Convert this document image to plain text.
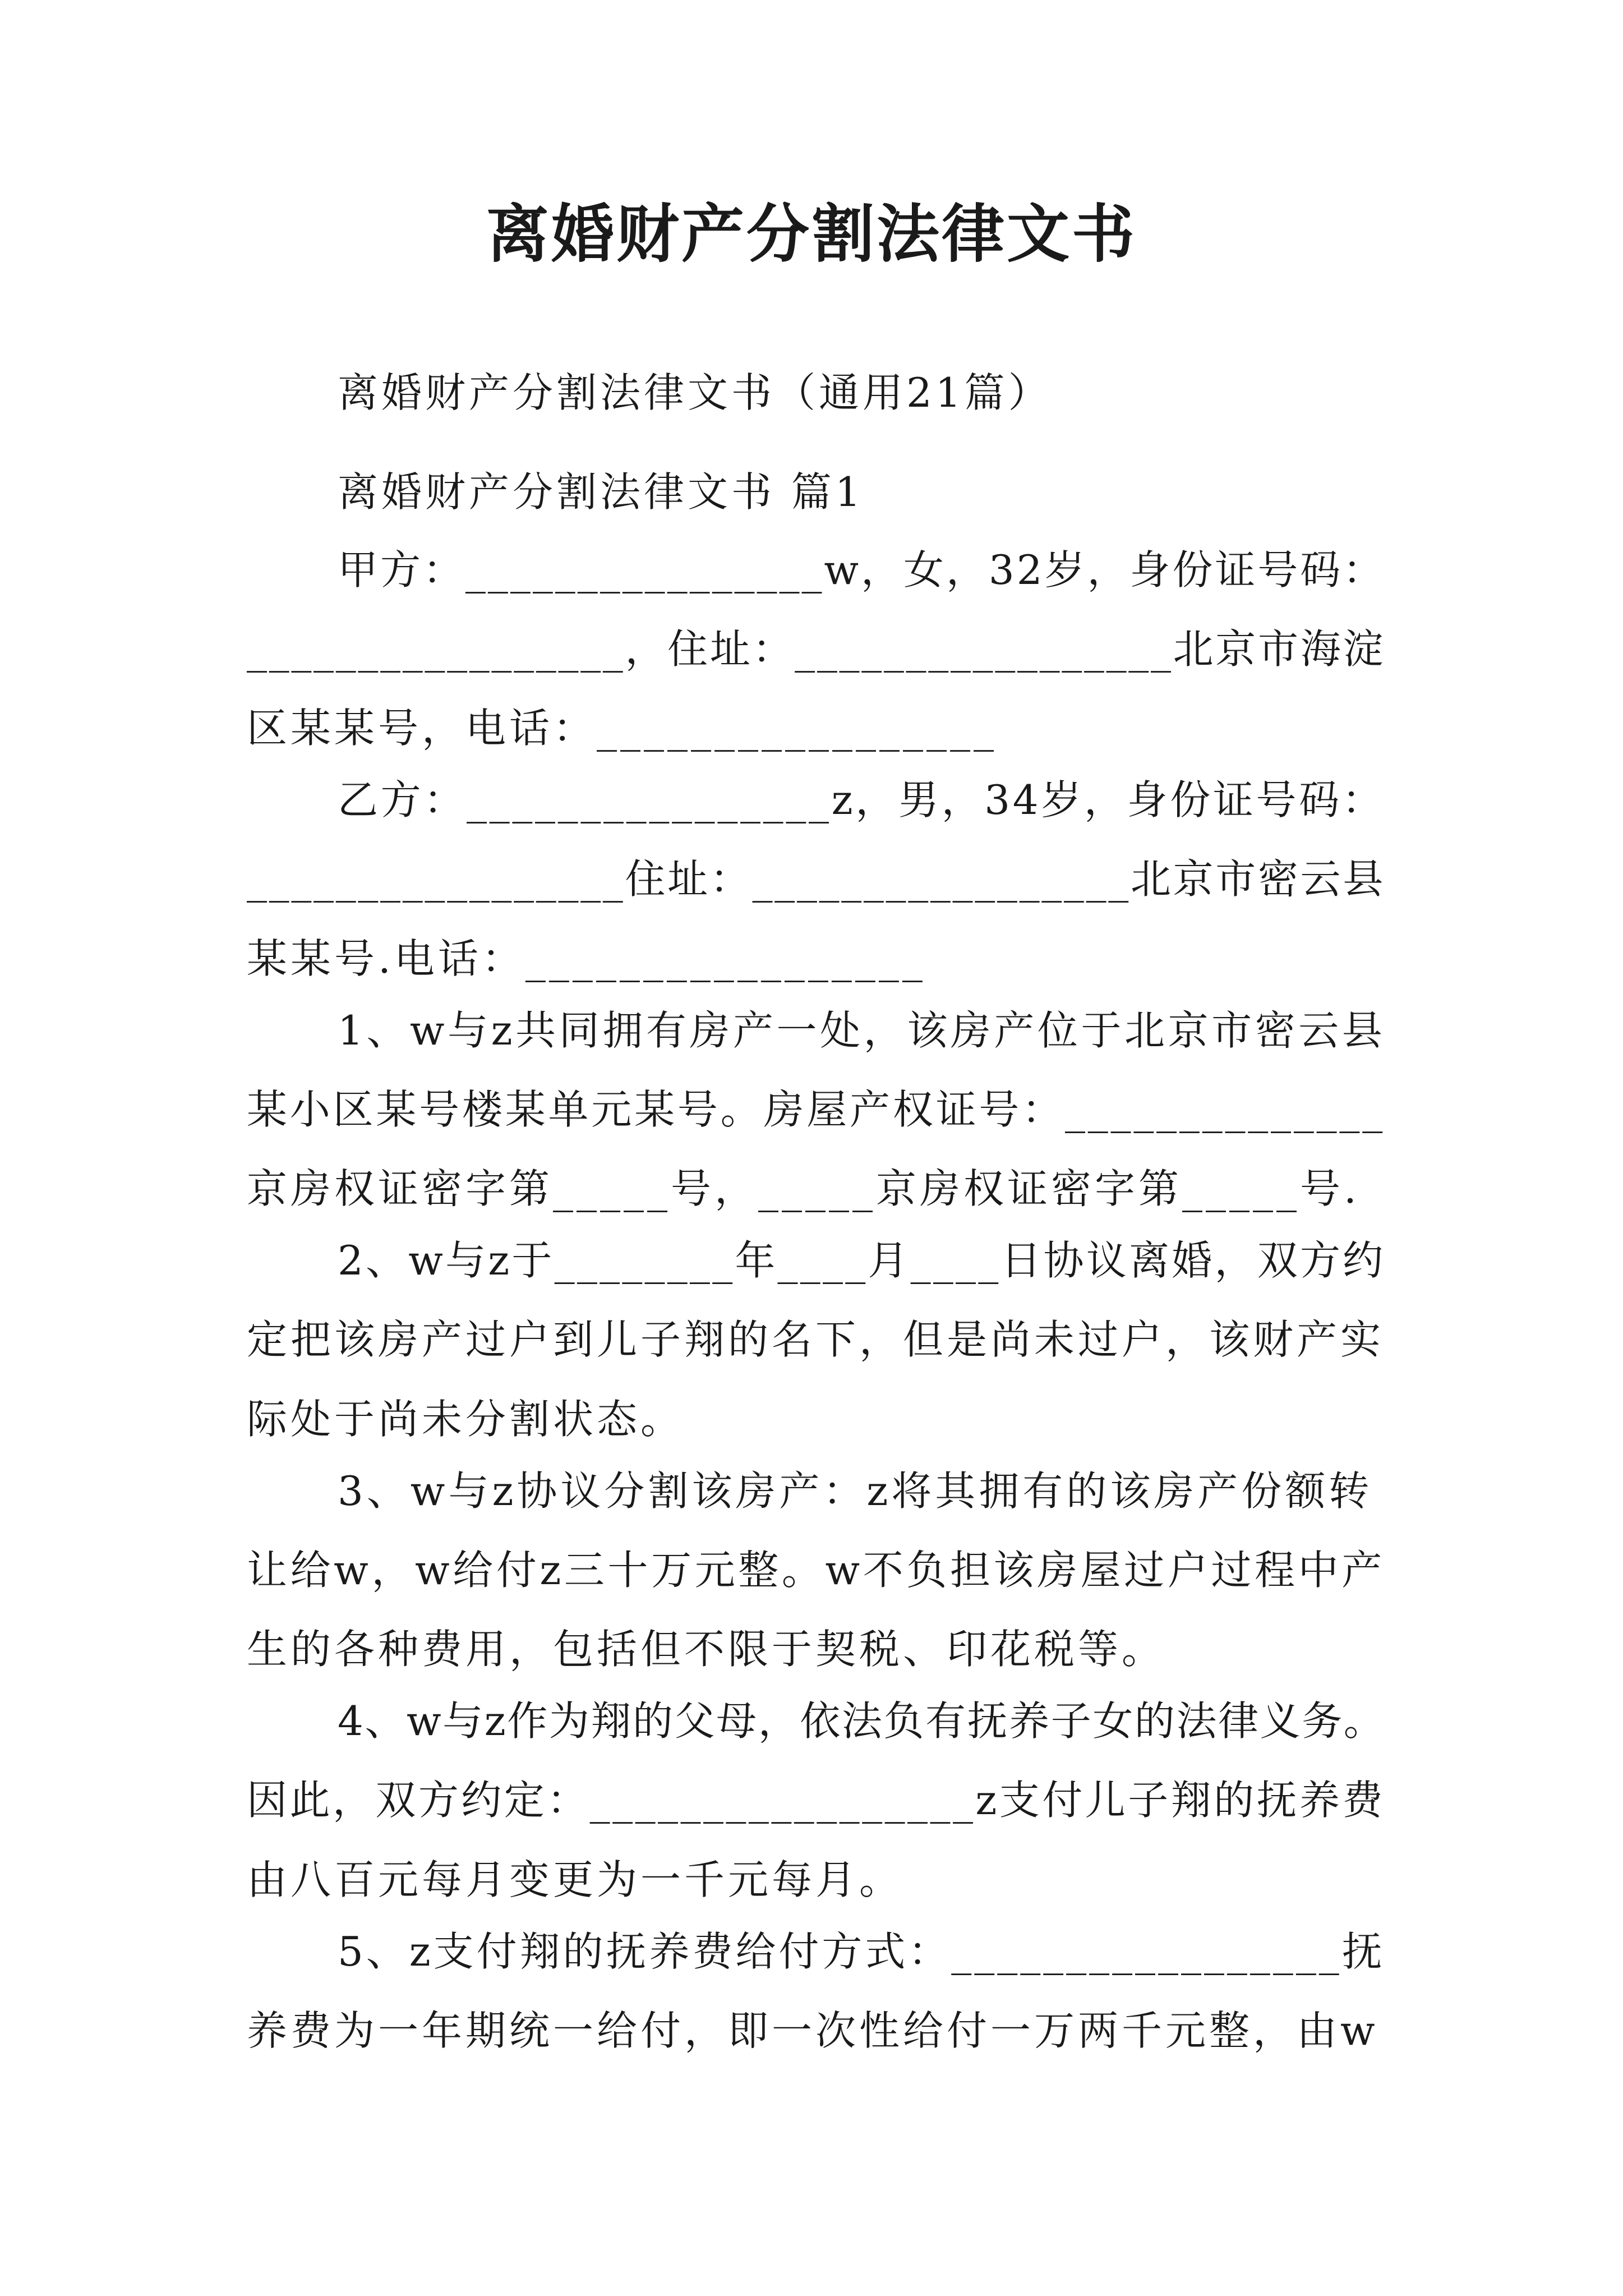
离婚财产分割法律文书
离婚财产分割法律文书（通用21篇）
离婚财产分割法律文书 篇1
甲方：________________w，女，32岁，身份证号码：
_________________，住址：_________________北京市海淀
区某某号，电话：_________________
乙方：________________z，男，34岁，身份证号码：
_________________住址：_________________北京市密云县
某某号.电话：_________________
1、w与z共同拥有房产一处，该房产位于北京市密云县
某小区某号楼某单元某号。房屋产权证号：______________
京房权证密字第_____号，_____京房权证密字第_____号.
2、w与z于________年____月____日协议离婚，双方约
定把该房产过户到儿子翔的名下，但是尚未过户，该财产实
际处于尚未分割状态。
3、w与z协议分割该房产：z将其拥有的该房产份额转
让给w，w给付z三十万元整。w不负担该房屋过户过程中产
生的各种费用，包括但不限于契税、印花税等。
4、w与z作为翔的父母，依法负有抚养子女的法律义务。
因此，双方约定：_________________z支付儿子翔的抚养费
由八百元每月变更为一千元每月。
5、z支付翔的抚养费给付方式：_________________抚
养费为一年期统一给付，即一次性给付一万两千元整，由w
